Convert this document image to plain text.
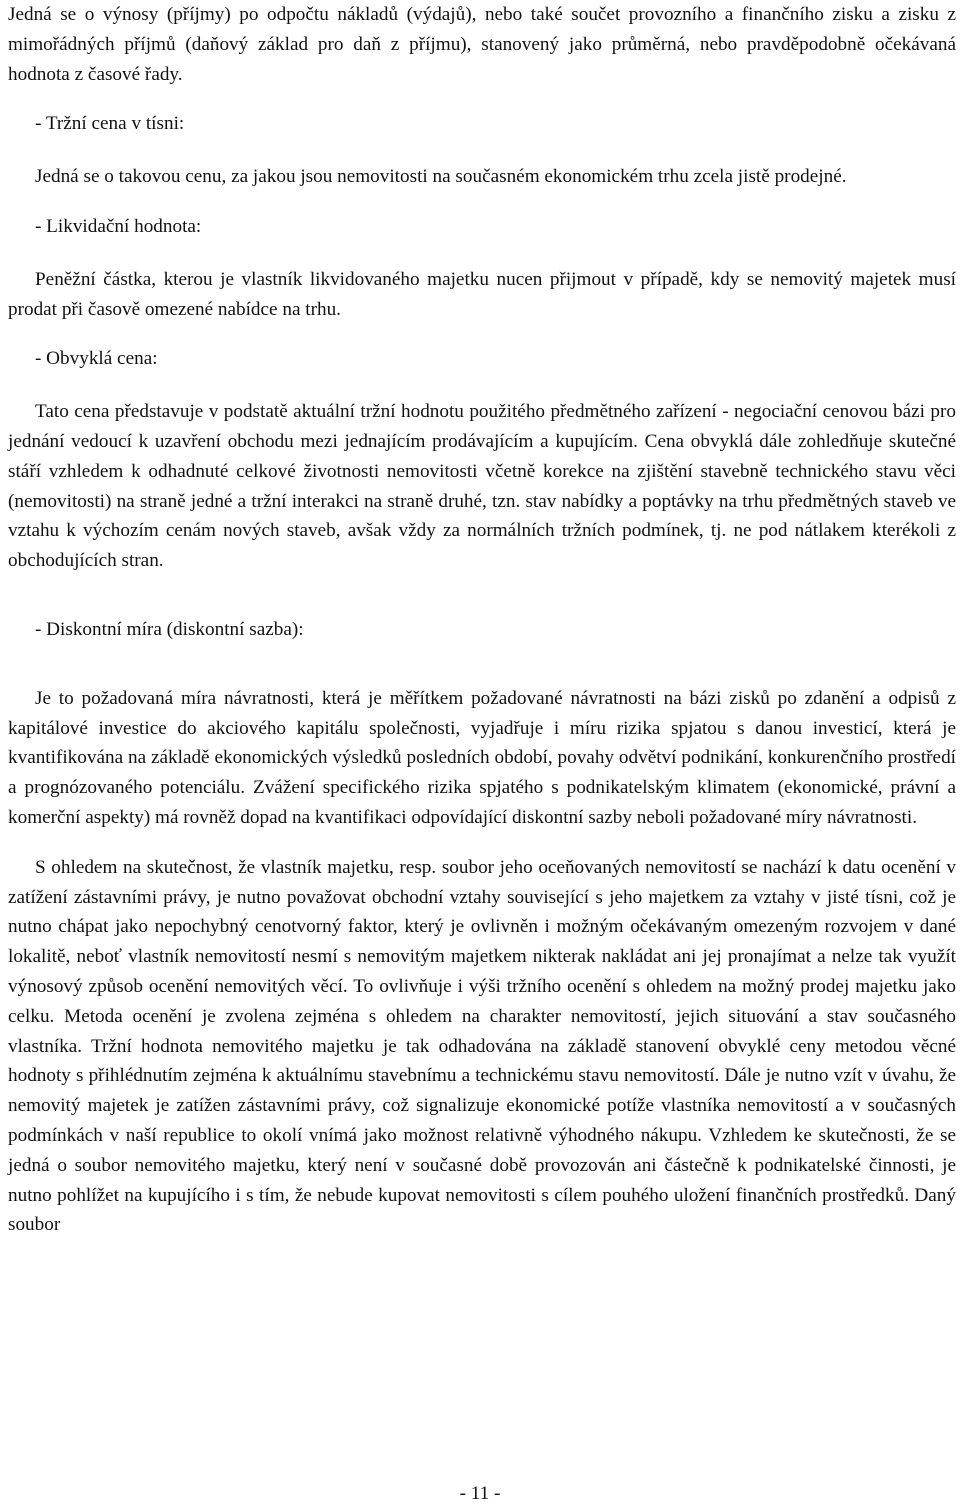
Jedná se o výnosy (příjmy) po odpočtu nákladů (výdajů), nebo také součet provozního a finančního zisku a zisku z mimořádných příjmů (daňový základ pro daň z příjmu), stanovený jako průměrná, nebo pravděpodobně očekávaná hodnota z časové řady.

- Tržní cena v tísni:

Jedná se o takovou cenu, za jakou jsou nemovitosti na současném ekonomickém trhu zcela jistě prodejné.

- Likvidační hodnota:

Peněžní částka, kterou je vlastník likvidovaného majetku nucen přijmout v případě, kdy se nemovitý majetek musí prodat při časově omezené nabídce na trhu.

- Obvyklá cena:

Tato cena představuje v podstatě aktuální tržní hodnotu použitého předmětného zařízení - negociační cenovou bázi pro jednání vedoucí k uzavření obchodu mezi jednajícím prodávajícím a kupujícím. Cena obvyklá dále zohledňuje skutečné stáří vzhledem k odhadnuté celkové životnosti nemovitosti včetně korekce na zjištění stavebně technického stavu věci (nemovitosti) na straně jedné a tržní interakci na straně druhé, tzn. stav nabídky a poptávky na trhu předmětných staveb ve vztahu k výchozím cenám nových staveb, avšak vždy za normálních tržních podmínek, tj. ne pod nátlakem kterékoli z obchodujících stran.

- Diskontní míra (diskontní sazba):

Je to požadovaná míra návratnosti, která je měřítkem požadované návratnosti na bázi zisků po zdanění a odpisů z kapitálové investice do akciového kapitálu společnosti, vyjadřuje i míru rizika spjatou s danou investicí, která je kvantifikována na základě ekonomických výsledků posledních období, povahy odvětví podnikání, konkurenčního prostředí a prognózovaného potenciálu. Zvážení specifického rizika spjatého s podnikatelským klimatem (ekonomické, právní a komerční aspekty) má rovněž dopad na kvantifikaci odpovídající diskontní sazby neboli požadované míry návratnosti.

S ohledem na skutečnost, že vlastník majetku, resp. soubor jeho oceňovaných nemovitostí se nachází k datu ocenění v zatížení zástavními právy, je nutno považovat obchodní vztahy související s jeho majetkem za vztahy v jisté tísni, což je nutno chápat jako nepochybný cenotvorný faktor, který je ovlivněn i možným očekávaným omezeným rozvojem v dané lokalitě, neboť vlastník nemovitostí nesmí s nemovitým majetkem nikterak nakládat ani jej pronajímat a nelze tak využít výnosový způsob ocenění nemovitých věcí. To ovlivňuje i výši tržního ocenění s ohledem na možný prodej majetku jako celku. Metoda ocenění je zvolena zejména s ohledem na charakter nemovitostí, jejich situování a stav současného vlastníka. Tržní hodnota nemovitého majetku je tak odhadována na základě stanovení obvyklé ceny metodou věcné hodnoty s přihlédnutím zejména k aktuálnímu stavebnímu a technickému stavu nemovitostí. Dále je nutno vzít v úvahu, že nemovitý majetek je zatížen zástavními právy, což signalizuje ekonomické potíže vlastníka nemovitostí a v současných podmínkách v naší republice to okolí vnímá jako možnost relativně výhodného nákupu. Vzhledem ke skutečnosti, že se jedná o soubor nemovitého majetku, který není v současné době provozován ani částečně k podnikatelské činnosti, je nutno pohlížet na kupujícího i s tím, že nebude kupovat nemovitosti s cílem pouhého uložení finančních prostředků. Daný soubor

- 11 -
